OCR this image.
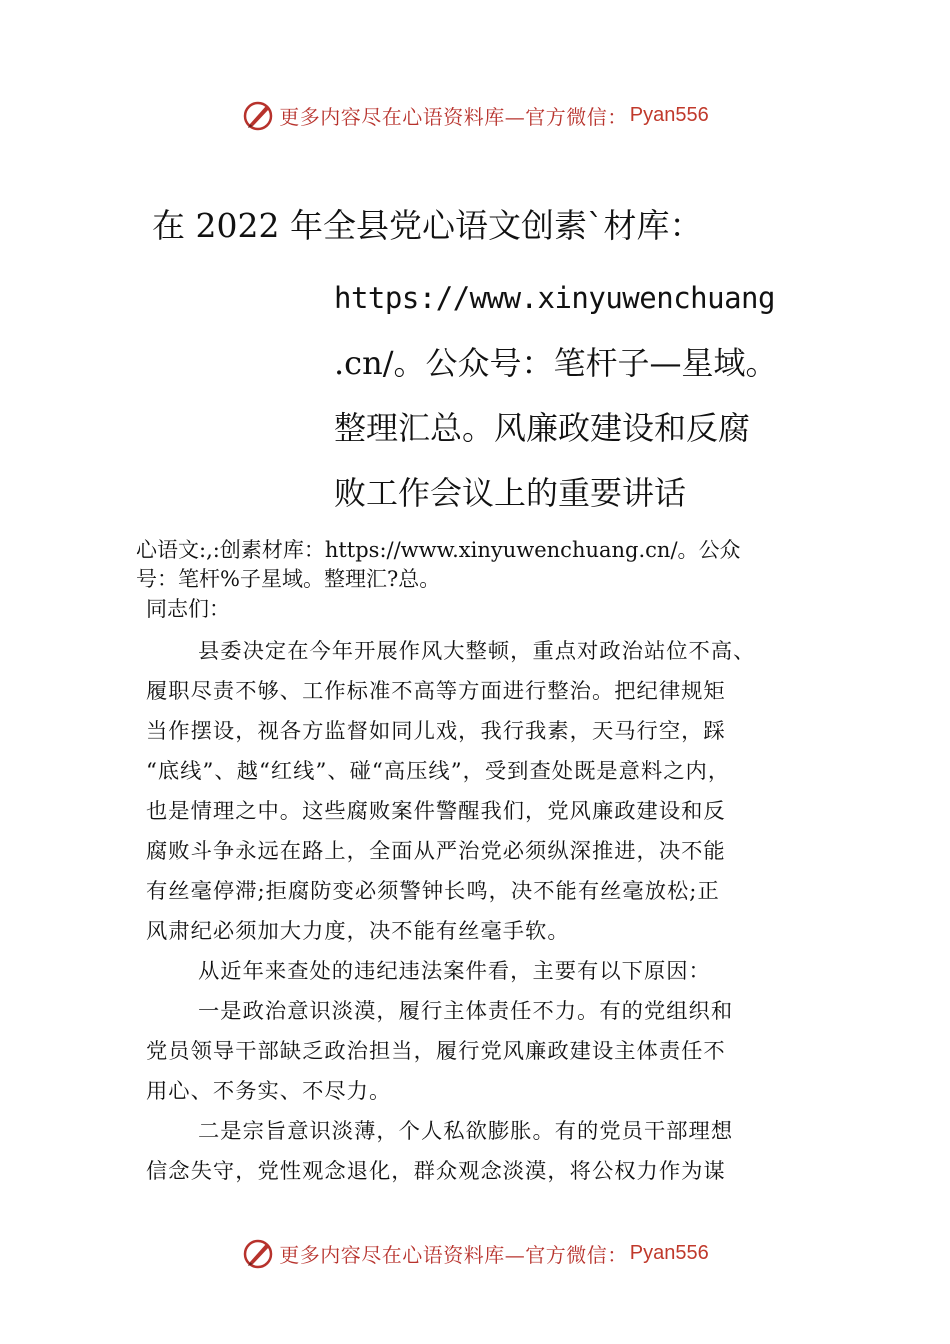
更多内容尽在心语资料库—官方微信： Pyan556
在 2022 年全县党心语文创素`材库：
https://www.xinyuwenchuang
.cn/。公众号：笔杆子—星域。
整理汇总。风廉政建设和反腐
败工作会议上的重要讲话
心语文:,:创素材库：https://www.xinyuwenchuang.cn/。公众
号：笔杆%子星域。整理汇?总。
同志们：
县委决定在今年开展作风大整顿，重点对政治站位不高、
履职尽责不够、工作标准不高等方面进行整治。把纪律规矩
当作摆设，视各方监督如同儿戏，我行我素，天马行空，踩
“底线”、越“红线”、碰“高压线”，受到查处既是意料之内，
也是情理之中。这些腐败案件警醒我们，党风廉政建设和反
腐败斗争永远在路上，全面从严治党必须纵深推进，决不能
有丝毫停滞;拒腐防变必须警钟长鸣，决不能有丝毫放松;正
风肃纪必须加大力度，决不能有丝毫手软。
从近年来查处的违纪违法案件看，主要有以下原因：
一是政治意识淡漠，履行主体责任不力。有的党组织和
党员领导干部缺乏政治担当，履行党风廉政建设主体责任不
用心、不务实、不尽力。
二是宗旨意识淡薄，个人私欲膨胀。有的党员干部理想
信念失守，党性观念退化，群众观念淡漠，将公权力作为谋
更多内容尽在心语资料库—官方微信： Pyan556
